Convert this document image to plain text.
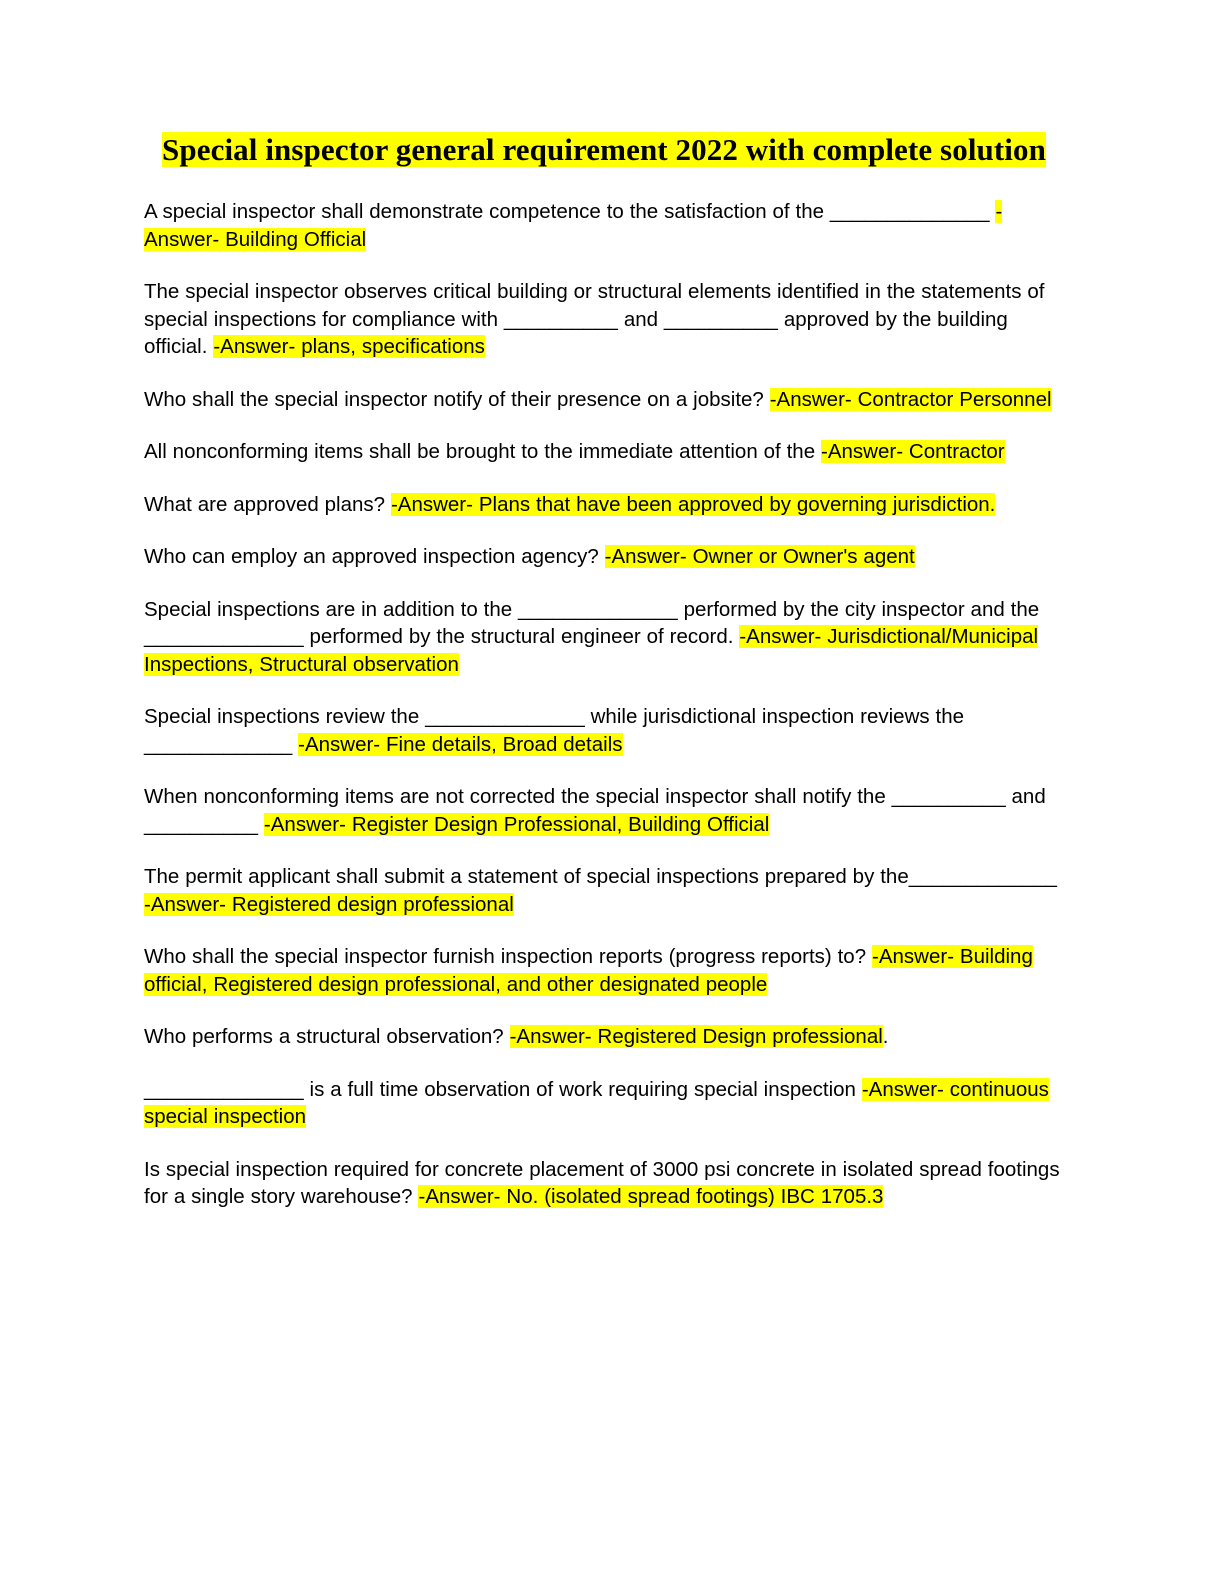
Special inspector general requirement 2022 with complete solution

A special inspector shall demonstrate competence to the satisfaction of the ______________ -Answer- Building Official

The special inspector observes critical building or structural elements identified in the statements of special inspections for compliance with __________ and __________ approved by the building official. -Answer- plans, specifications

Who shall the special inspector notify of their presence on a jobsite? -Answer- Contractor Personnel

All nonconforming items shall be brought to the immediate attention of the -Answer- Contractor

What are approved plans? -Answer- Plans that have been approved by governing jurisdiction.

Who can employ an approved inspection agency? -Answer- Owner or Owner's agent

Special inspections are in addition to the ______________ performed by the city inspector and the ______________ performed by the structural engineer of record. -Answer- Jurisdictional/Municipal Inspections, Structural observation

Special inspections review the ______________ while jurisdictional inspection reviews the _____________ -Answer- Fine details, Broad details

When nonconforming items are not corrected the special inspector shall notify the __________ and __________ -Answer- Register Design Professional, Building Official

The permit applicant shall submit a statement of special inspections prepared by the_____________ -Answer- Registered design professional

Who shall the special inspector furnish inspection reports (progress reports) to? -Answer- Building official, Registered design professional, and other designated people

Who performs a structural observation? -Answer- Registered Design professional.

______________ is a full time observation of work requiring special inspection -Answer- continuous special inspection

Is special inspection required for concrete placement of 3000 psi concrete in isolated spread footings for a single story warehouse? -Answer- No. (isolated spread footings) IBC 1705.3
